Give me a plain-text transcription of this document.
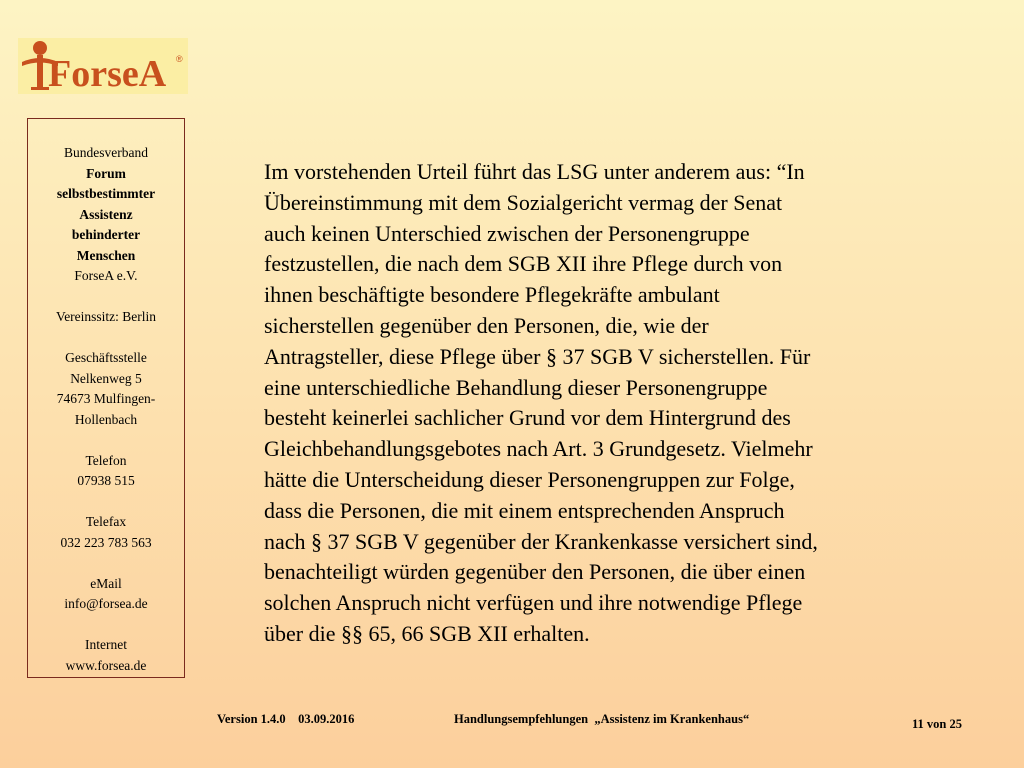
ForseA ®
Bundesverband
Forum
selbstbestimmter
Assistenz
behinderter
Menschen
ForseA e.V.
Vereinssitz: Berlin
Geschäftsstelle
Nelkenweg 5
74673 Mulfingen-
Hollenbach
Telefon
07938 515
Telefax
032 223 783 563
eMail
info@forsea.de
Internet
www.forsea.de

Im vorstehenden Urteil führt das LSG unter anderem aus: “In

Übereinstimmung mit dem Sozialgericht vermag der Senat

auch keinen Unterschied zwischen der Personengruppe

festzustellen, die nach dem SGB XII ihre Pflege durch von

ihnen beschäftigte besondere Pflegekräfte ambulant

sicherstellen gegenüber den Personen, die, wie der

Antragsteller, diese Pflege über § 37 SGB V sicherstellen. Für

eine unterschiedliche Behandlung dieser Personengruppe

besteht keinerlei sachlicher Grund vor dem Hintergrund des

Gleichbehandlungsgebotes nach Art. 3 Grundgesetz. Vielmehr

hätte die Unterscheidung dieser Personengruppen zur Folge,

dass die Personen, die mit einem entsprechenden Anspruch

nach § 37 SGB V gegenüber der Krankenkasse versichert sind,

benachteiligt würden gegenüber den Personen, die über einen

solchen Anspruch nicht verfügen und ihre notwendige Pflege

über die §§ 65, 66 SGB XII erhalten.

Version 1.4.0    03.09.2016	Handlungsempfehlungen  „Assistenz im Krankenhaus“	11 von 25
